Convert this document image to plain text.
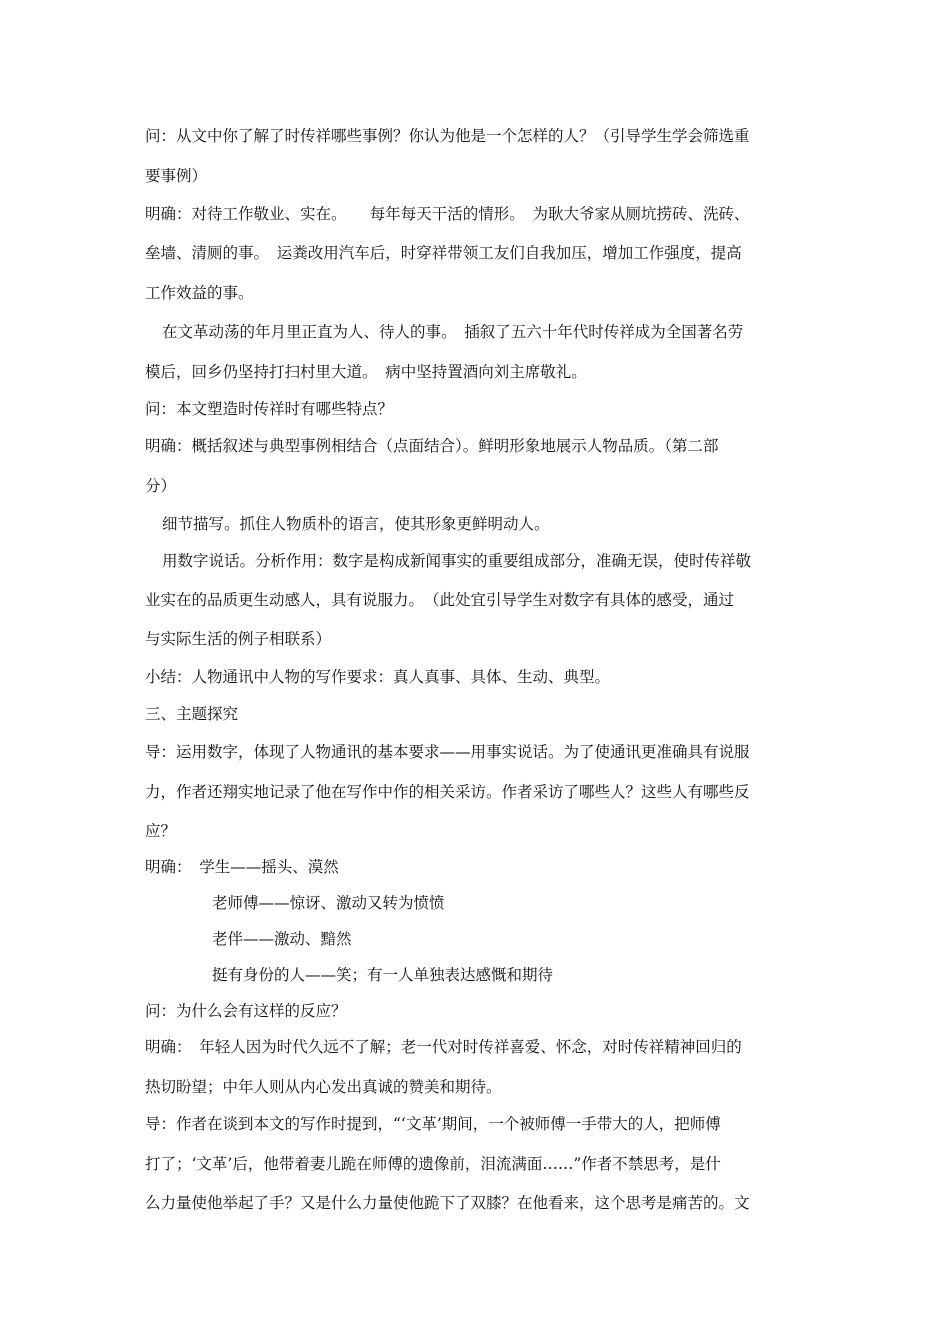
问：从文中你了解了时传祥哪些事例？你认为他是一个怎样的人？（引导学生学会筛选重
要事例）
明确：对待工作敬业、实在。　　每年每天干活的情形。　为耿大爷家从厕坑捞砖、洗砖、
垒墙、清厕的事。　运粪改用汽车后，时穿祥带领工友们自我加压，增加工作强度，提高
工作效益的事。
在文革动荡的年月里正直为人、待人的事。　插叙了五六十年代时传祥成为全国著名劳
模后，回乡仍坚持打扫村里大道。　病中坚持置酒向刘主席敬礼。
问：本文塑造时传祥时有哪些特点？
明确：概括叙述与典型事例相结合（点面结合）。鲜明形象地展示人物品质。（第二部
分）
细节描写。抓住人物质朴的语言，使其形象更鲜明动人。
用数字说话。分析作用：数字是构成新闻事实的重要组成部分，准确无误，使时传祥敬
业实在的品质更生动感人，具有说服力。　（此处宜引导学生对数字有具体的感受，通过
与实际生活的例子相联系）
小结：人物通讯中人物的写作要求：真人真事、具体、生动、典型。
三、主题探究
导：运用数字，体现了人物通讯的基本要求——用事实说话。为了使通讯更准确具有说服
力，作者还翔实地记录了他在写作中作的相关采访。作者采访了哪些人？这些人有哪些反
应？
明确：　学生——摇头、漠然
老师傅——惊讶、激动又转为愤愤
老伴——激动、黯然
挺有身份的人——笑；有一人单独表达感慨和期待
问：为什么会有这样的反应？
明确：　年轻人因为时代久远不了解；老一代对时传祥喜爱、怀念，对时传祥精神回归的
热切盼望；中年人则从内心发出真诚的赞美和期待。
导：作者在谈到本文的写作时提到，“‘文革’期间，一个被师傅一手带大的人，把师傅
打了；‘文革’后，他带着妻儿跪在师傅的遗像前，泪流满面……”作者不禁思考，是什
么力量使他举起了手？又是什么力量使他跪下了双膝？在他看来，这个思考是痛苦的。文
